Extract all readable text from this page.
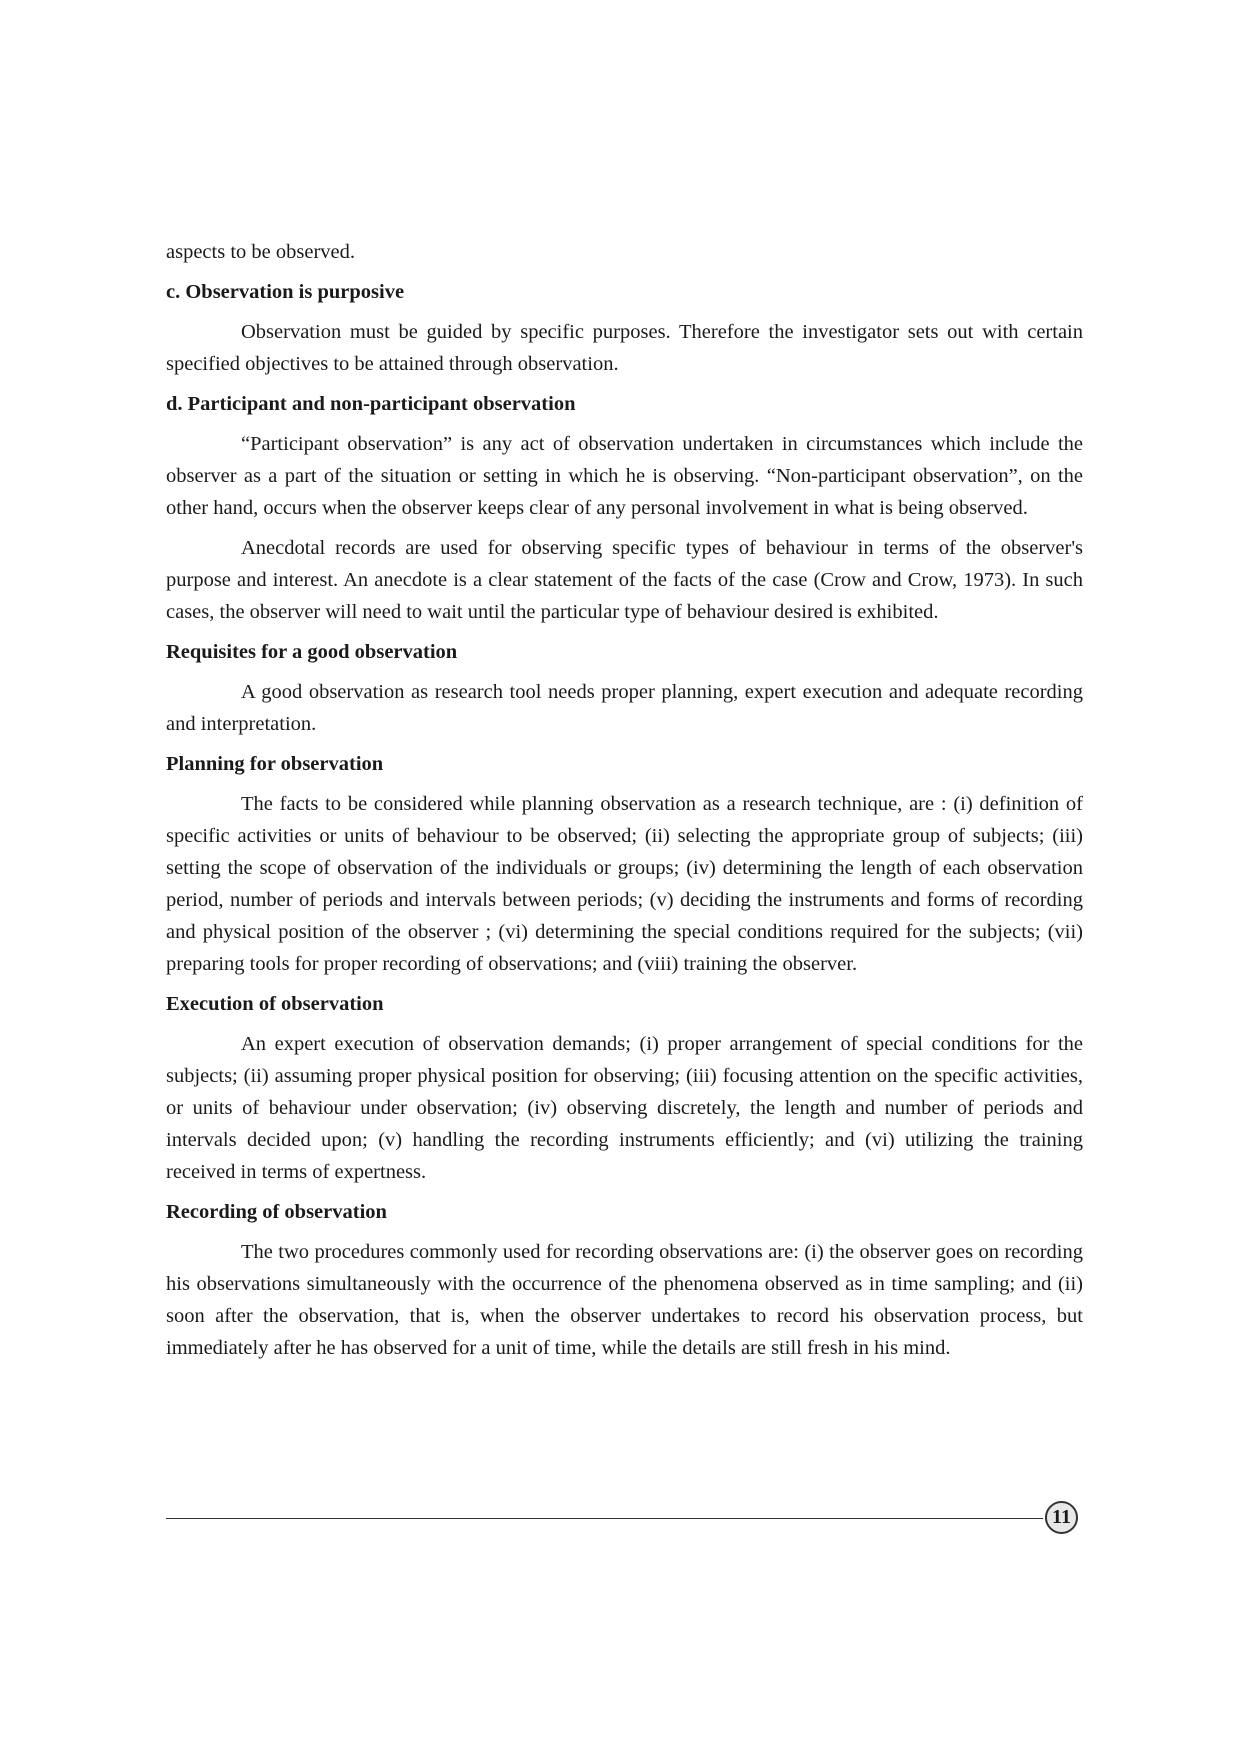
aspects to be observed.

c. Observation is purposive

Observation must be guided by specific purposes. Therefore the investigator sets out with certain specified objectives to be attained through observation.

d. Participant and non-participant observation

“Participant observation” is any act of observation undertaken in circumstances which include the observer as a part of the situation or setting in which he is observing. “Non-participant observation”, on the other hand, occurs when the observer keeps clear of any personal involvement in what is being observed.

Anecdotal records are used for observing specific types of behaviour in terms of the observer's purpose and interest. An anecdote is a clear statement of the facts of the case (Crow and Crow, 1973). In such cases, the observer will need to wait until the particular type of behaviour desired is exhibited.

Requisites for a good observation

A good observation as research tool needs proper planning, expert execution and adequate recording and interpretation.

Planning for observation

The facts to be considered while planning observation as a research technique, are : (i) definition of specific activities or units of behaviour to be observed; (ii) selecting the appropriate group of subjects; (iii) setting the scope of observation of the individuals or groups; (iv) determining the length of each observation period, number of periods and intervals between periods; (v) deciding the instruments and forms of recording and physical position of the observer ; (vi) determining the special conditions required for the subjects; (vii) preparing tools for proper recording of observations; and (viii) training the observer.

Execution of observation

An expert execution of observation demands; (i) proper arrangement of special conditions for the subjects; (ii) assuming proper physical position for observing; (iii) focusing attention on the specific activities, or units of behaviour under observation; (iv) observing discretely, the length and number of periods and intervals decided upon; (v) handling the recording instruments efficiently; and (vi) utilizing the training received in terms of expertness.

Recording of observation

The two procedures commonly used for recording observations are: (i) the observer goes on recording his observations simultaneously with the occurrence of the phenomena observed as in time sampling; and (ii) soon after the observation, that is, when the observer undertakes to record his observation process, but immediately after he has observed for a unit of time, while the details are still fresh in his mind.

11
